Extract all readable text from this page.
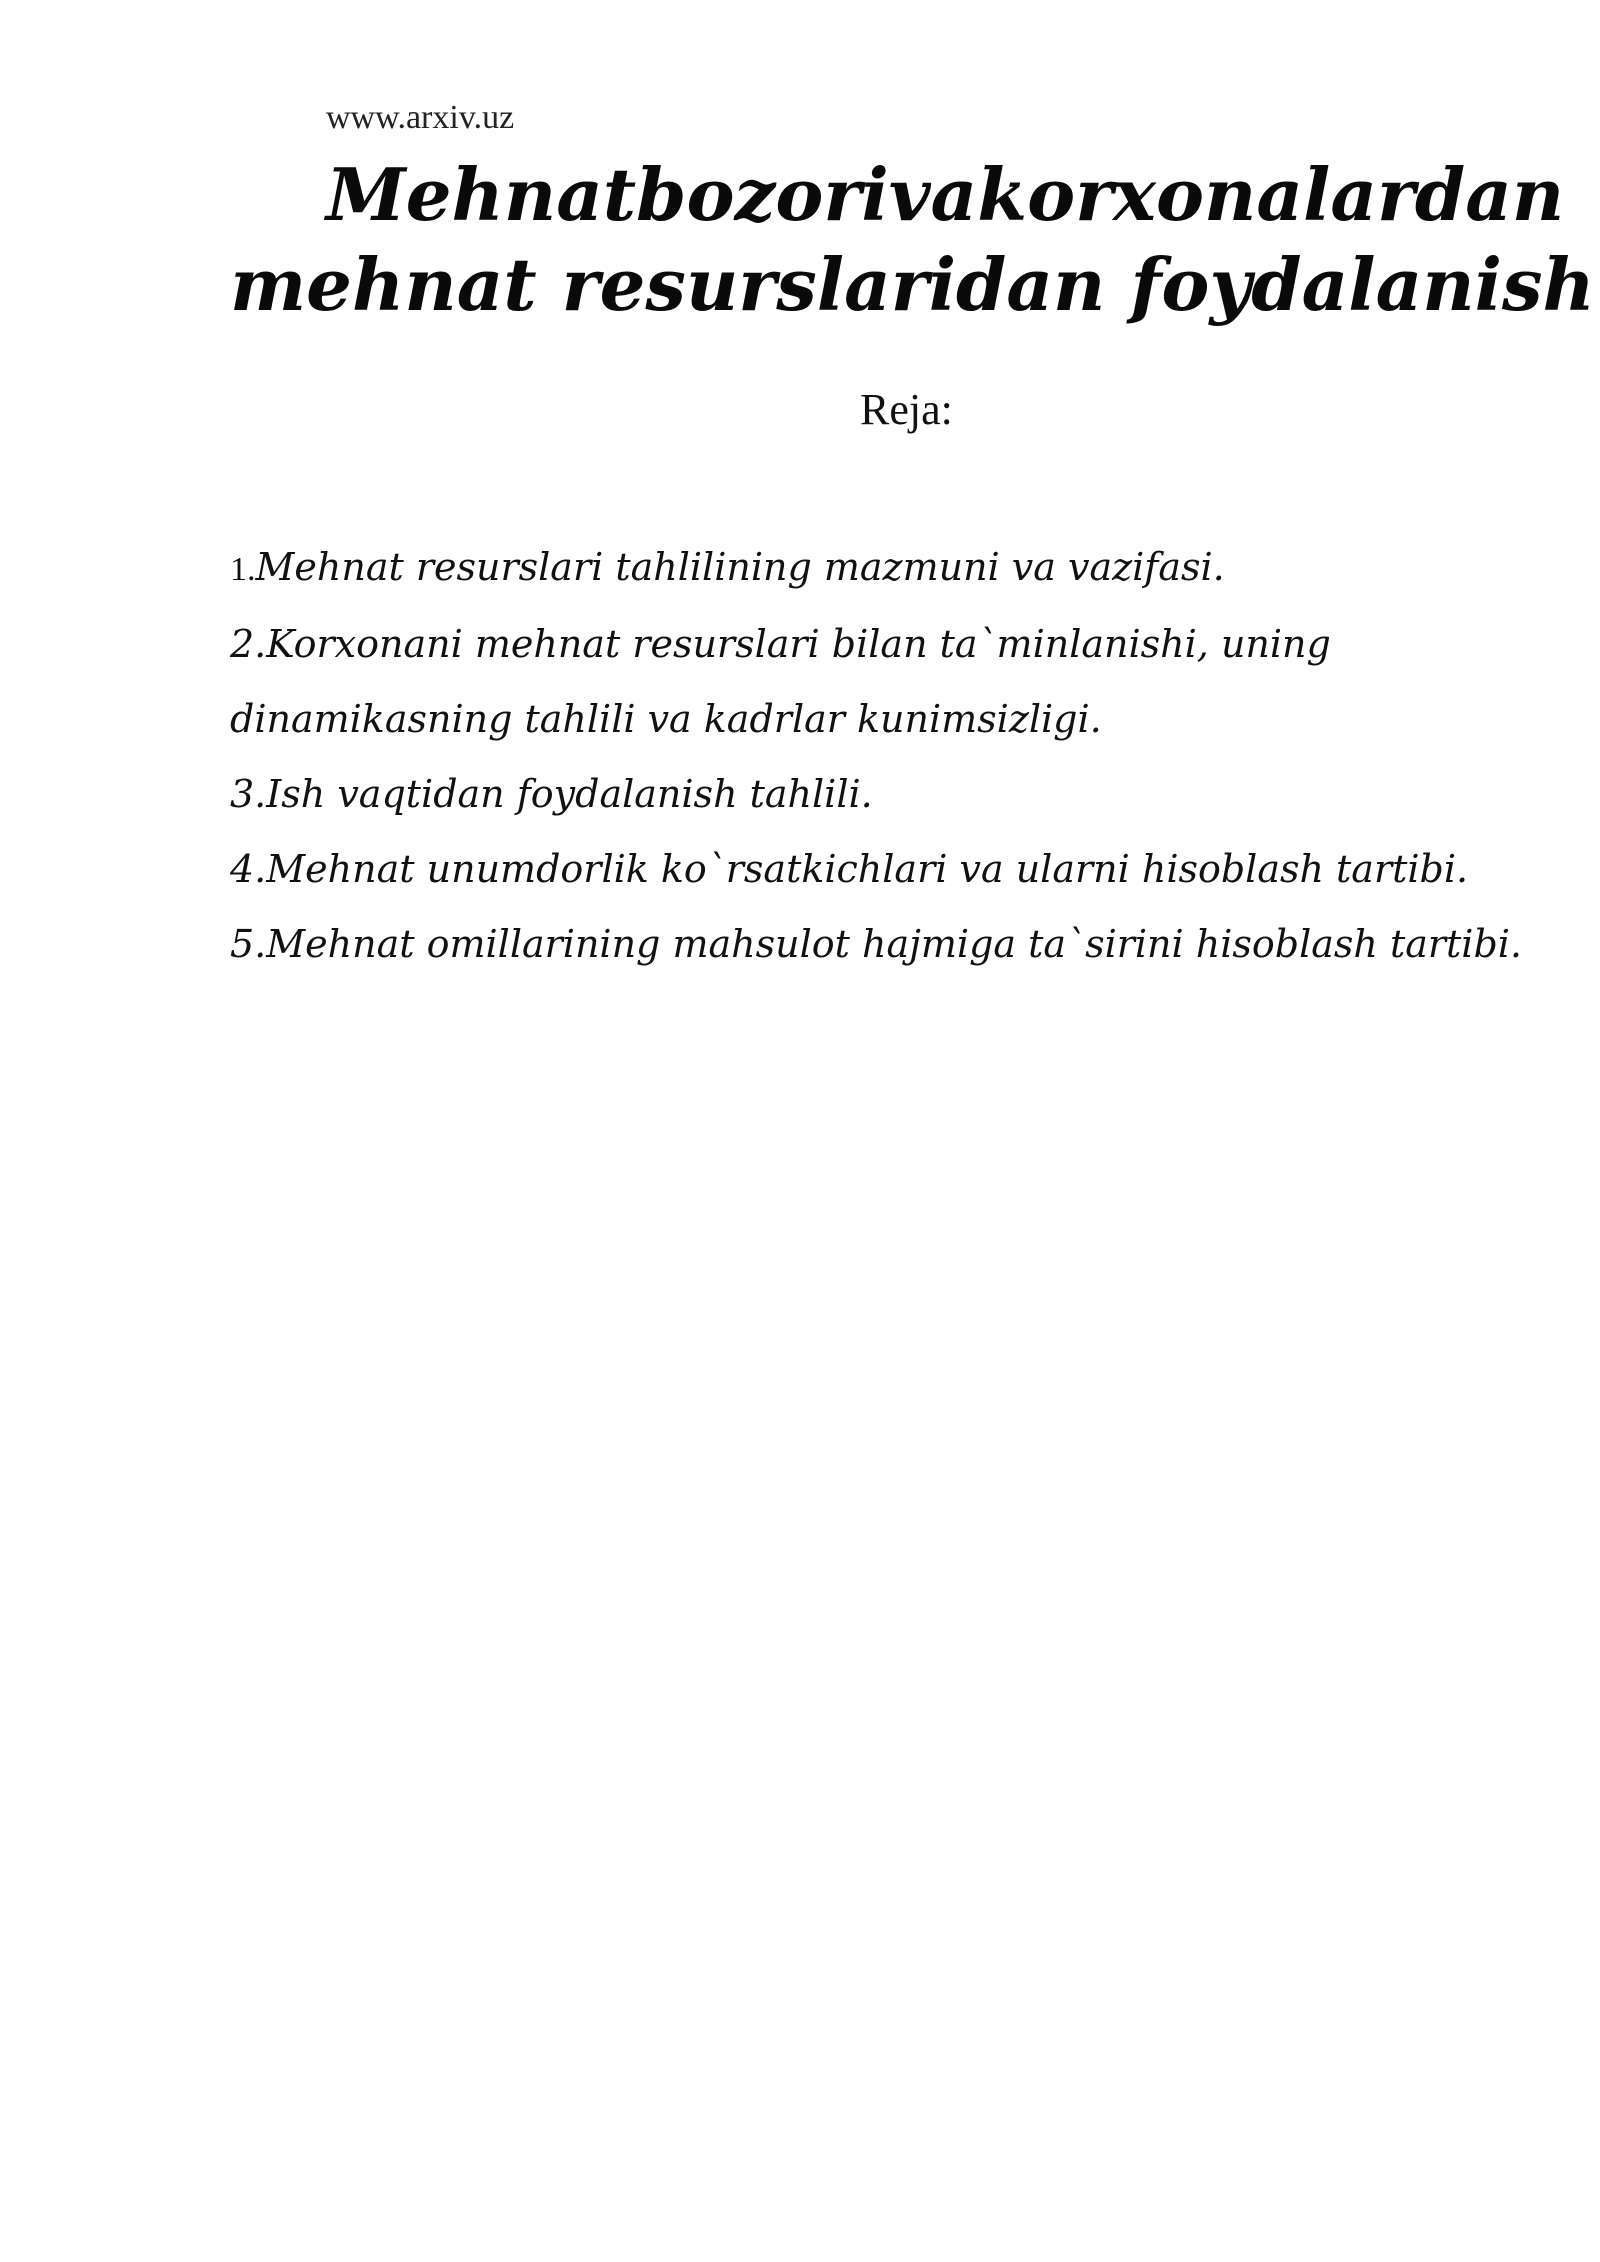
www.arxiv.uz
Mehnat bozori va korxonalardan
mehnat resurslaridan foydalanish
Reja:
1.Mehnat resurslari tahlilining mazmuni va vazifasi.
2.Korxonani mehnat resurslari bilan ta`minlanishi, uning
dinamikasning tahlili va kadrlar kunimsizligi.
3.Ish vaqtidan foydalanish tahlili.
4.Mehnat unumdorlik ko`rsatkichlari va ularni hisoblash tartibi.
5.Mehnat omillarining mahsulot hajmiga ta`sirini hisoblash tartibi.
